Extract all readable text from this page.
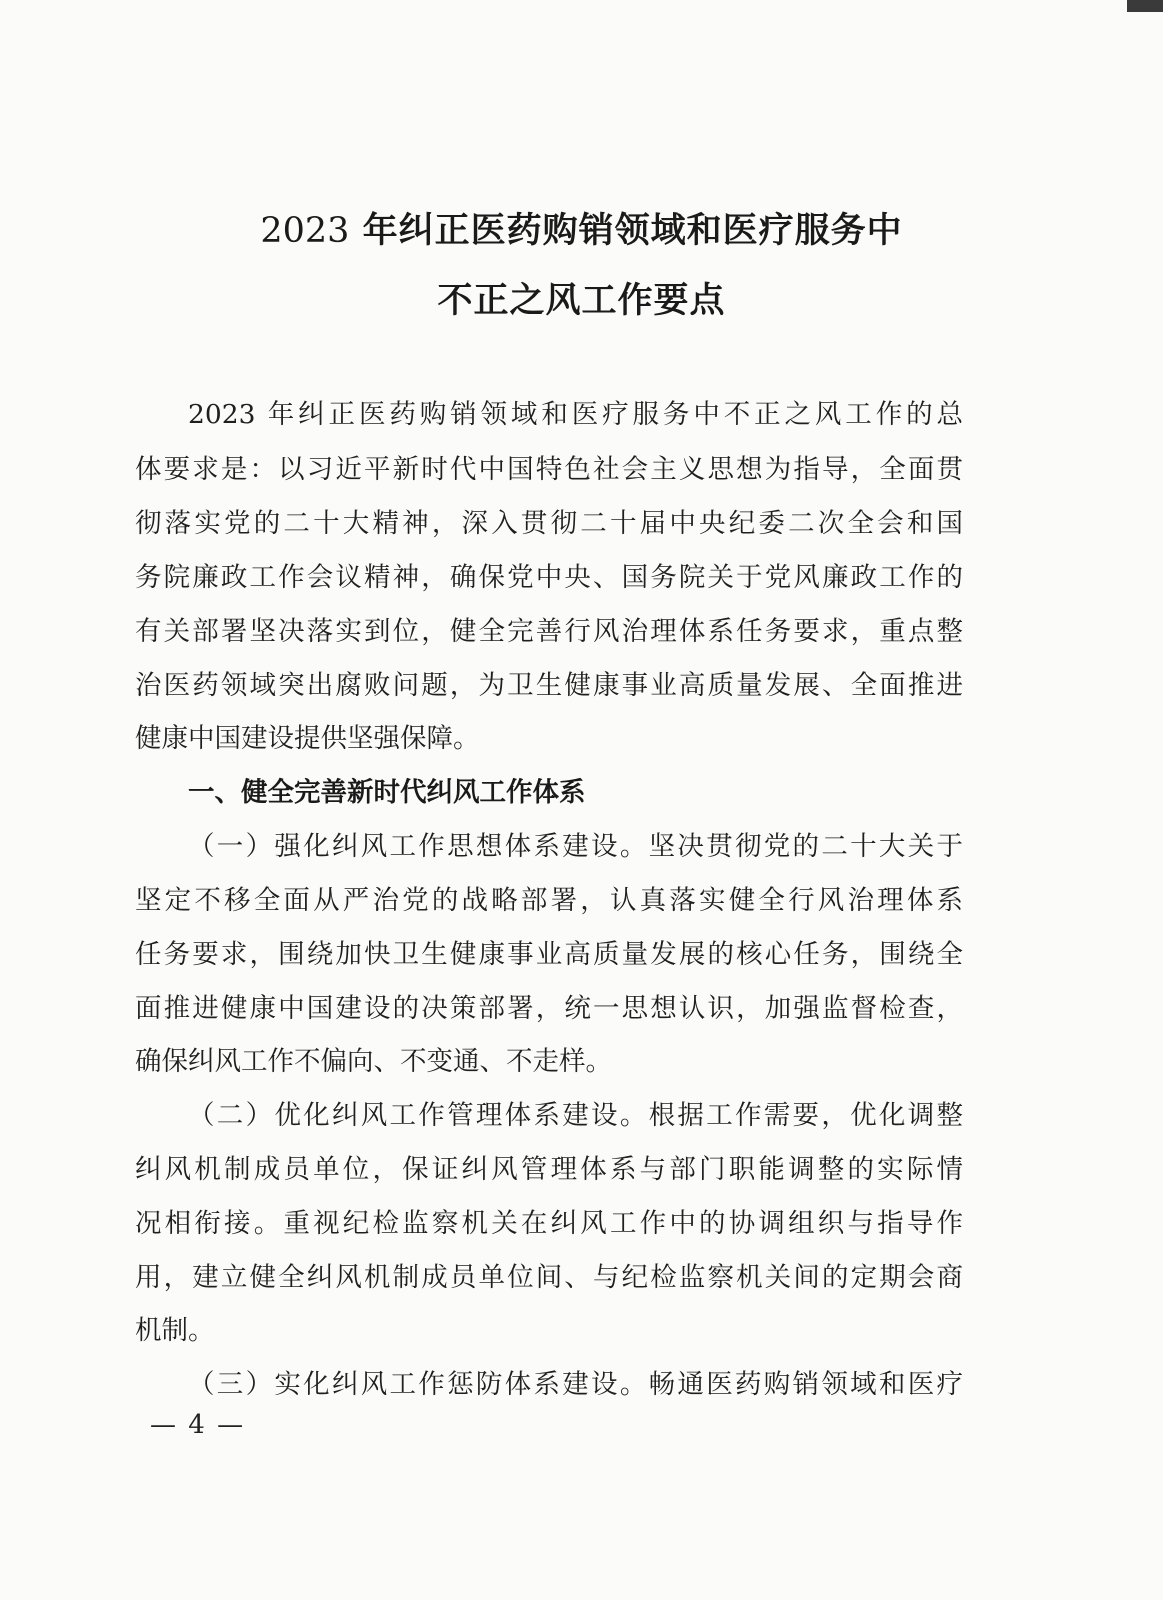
2023 年纠正医药购销领域和医疗服务中
不正之风工作要点
2023 年纠正医药购销领域和医疗服务中不正之风工作的总
体要求是：以习近平新时代中国特色社会主义思想为指导，全面贯
彻落实党的二十大精神，深入贯彻二十届中央纪委二次全会和国
务院廉政工作会议精神，确保党中央、国务院关于党风廉政工作的
有关部署坚决落实到位，健全完善行风治理体系任务要求，重点整
治医药领域突出腐败问题，为卫生健康事业高质量发展、全面推进
健康中国建设提供坚强保障。
一、健全完善新时代纠风工作体系
（一）强化纠风工作思想体系建设。坚决贯彻党的二十大关于
坚定不移全面从严治党的战略部署，认真落实健全行风治理体系
任务要求，围绕加快卫生健康事业高质量发展的核心任务，围绕全
面推进健康中国建设的决策部署，统一思想认识，加强监督检查，
确保纠风工作不偏向、不变通、不走样。
（二）优化纠风工作管理体系建设。根据工作需要，优化调整
纠风机制成员单位，保证纠风管理体系与部门职能调整的实际情
况相衔接。重视纪检监察机关在纠风工作中的协调组织与指导作
用，建立健全纠风机制成员单位间、与纪检监察机关间的定期会商
机制。
（三）实化纠风工作惩防体系建设。畅通医药购销领域和医疗
— 4 —
